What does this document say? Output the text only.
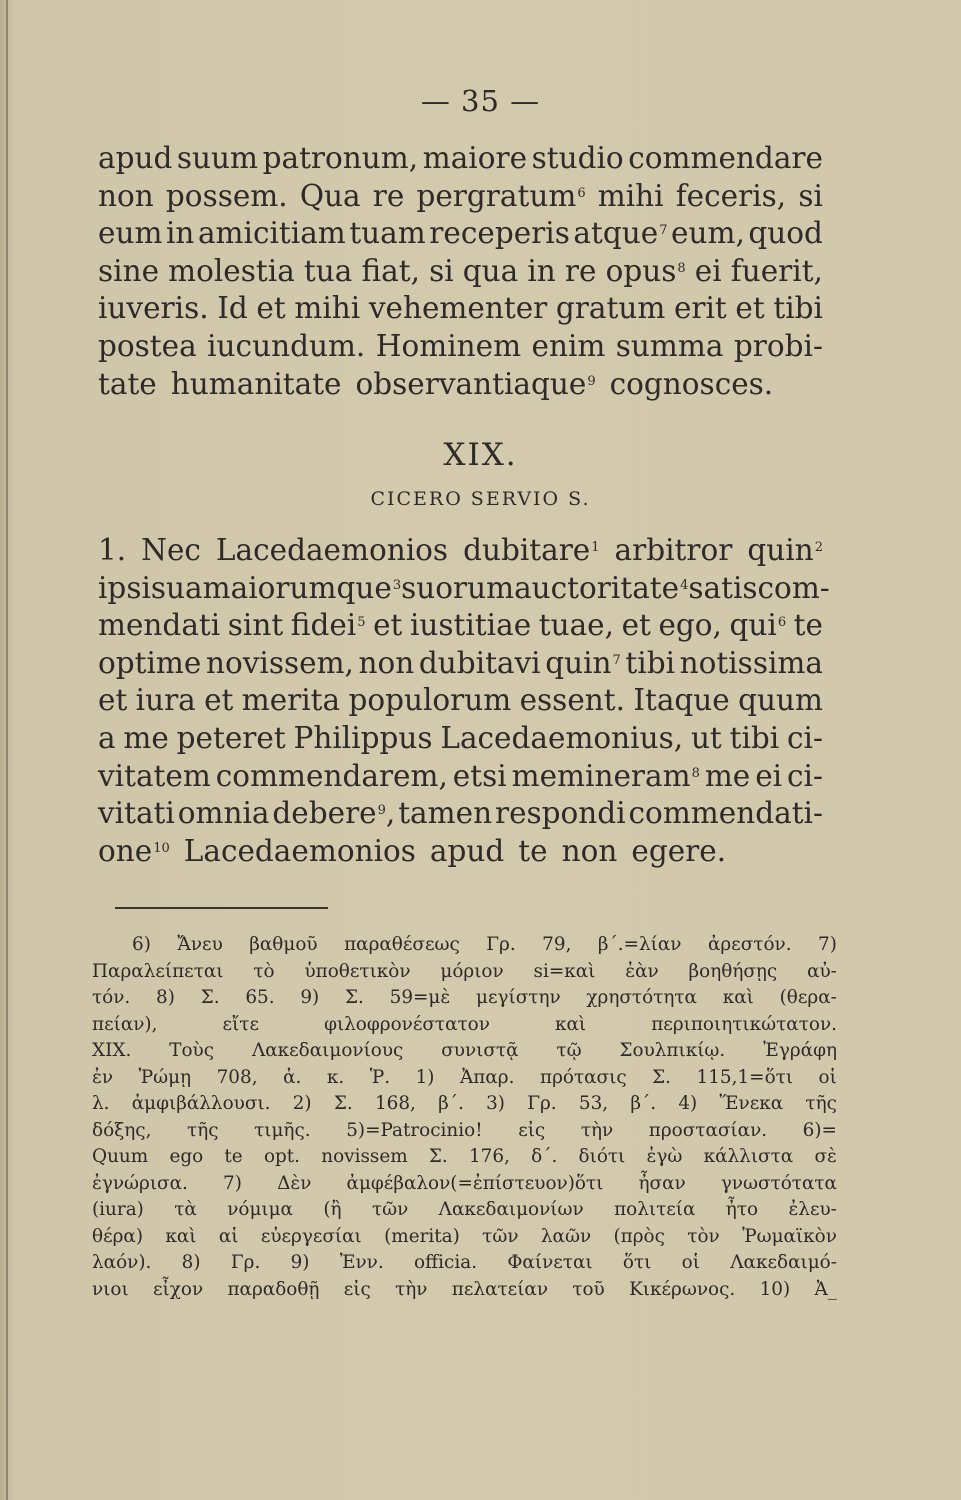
— 35 —
apud suum patronum, maiore studio commendare
non possem. Qua re pergratum$^6$ mihi feceris, si
eum in amicitiam tuam receperis atque$^7$ eum, quod
sine molestia tua fiat, si qua in re opus$^8$ ei fuerit,
iuveris. Id et mihi vehementer gratum erit et tibi
postea iucundum. Hominem enim summa probi-
tate humanitate observantiaque$^9$ cognosces.
XIX.
CICERO SERVIO S.
1. Nec Lacedaemonios dubitare$^1$ arbitror quin$^2$
ipsi sua maiorumque$^3$ suorum auctoritate$^4$ satis com-
mendati sint fidei$^5$ et iustitiae tuae, et ego, qui$^6$ te
optime novissem, non dubitavi quin$^7$ tibi notissima
et iura et merita populorum essent. Itaque quum
a me peteret Philippus Lacedaemonius, ut tibi ci-
vitatem commendarem, etsi memineram$^8$ me ei ci-
vitati omnia debere$^9$, tamen respondi commendati-
one$^{10}$ Lacedaemonios apud te non egere.
6) Ἄνευ βαθμοῦ παραθέσεως Γρ. 79, β΄.=λίαν ἀρεστόν. 7)
Παραλείπεται τὸ ὑποθετικὸν μόριον si=καὶ ἐὰν βοηθήσῃς αὐ-
τόν. 8) Σ. 65. 9) Σ. 59=μὲ μεγίστην χρηστότητα καὶ (θερα-
πείαν),	εἴτε	φιλοφρονέστατον	καὶ	περιποιητικώτατον.
XIX. Τοὺς Λακεδαιμονίους συνιστᾷ τῷ Σουλπικίῳ. Ἐγράφη
ἐν Ῥώμῃ 708, ἀ. κ. Ῥ. 1) Ἀπαρ. πρότασις Σ. 115,1=ὅτι οἱ
λ. ἀμφιβάλλουσι. 2) Σ. 168, β΄. 3) Γρ. 53, β΄. 4) Ἕνεκα τῆς
δόξης, τῆς τιμῆς. 5)=Patrocinio! εἰς τὴν προστασίαν. 6)=
Quum ego te opt. novissem Σ. 176, δ΄. διότι ἐγὼ κάλλιστα σὲ
ἐγνώρισα. 7) Δὲν ἀμφέβαλον(=ἐπίστευον)ὅτι ἦσαν γνωστότατα
(iura) τὰ νόμιμα (ἢ τῶν Λακεδαιμονίων πολιτεία ἦτο ἐλευ-
θέρα) καὶ αἱ εὐεργεσίαι (merita) τῶν λαῶν (πρὸς τὸν Ῥωμαϊκὸν
λαόν). 8) Γρ. 9) Ἐνν. officia. Φαίνεται ὅτι οἱ Λακεδαιμό-
νιοι εἶχον παραδοθῇ εἰς τὴν πελατείαν τοῦ Κικέρωνος. 10) Ἀ_
